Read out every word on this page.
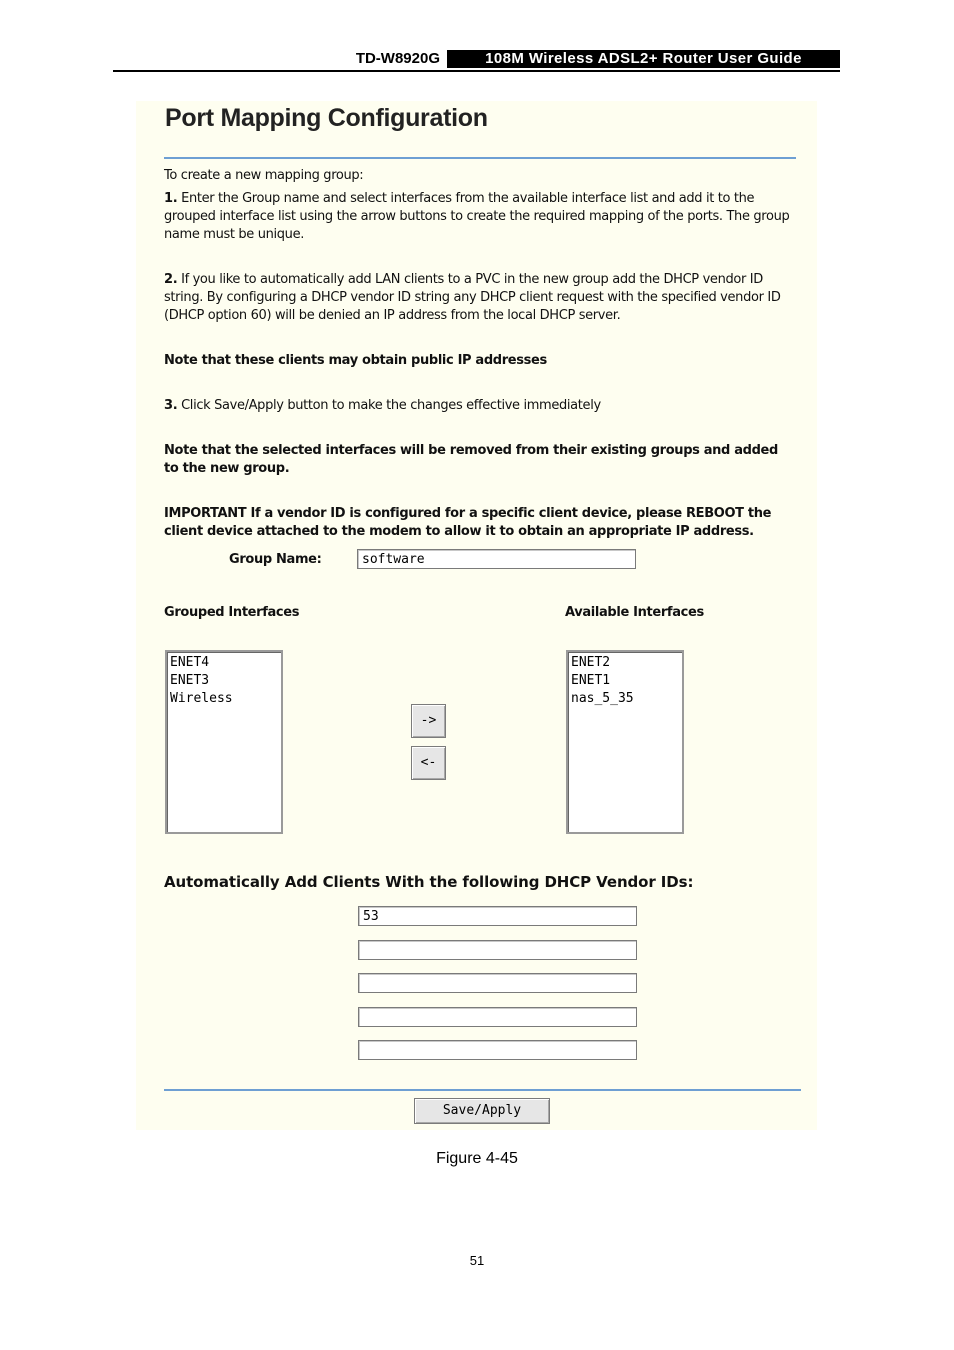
TD-W8920G	108M Wireless ADSL2+ Router User Guide
Port Mapping Configuration
To create a new mapping group:
1. Enter the Group name and select interfaces from the available interface list and add it to the grouped interface list using the arrow buttons to create the required mapping of the ports. The group name must be unique.
2. If you like to automatically add LAN clients to a PVC in the new group add the DHCP vendor ID string. By configuring a DHCP vendor ID string any DHCP client request with the specified vendor ID (DHCP option 60) will be denied an IP address from the local DHCP server.
Note that these clients may obtain public IP addresses
3. Click Save/Apply button to make the changes effective immediately
Note that the selected interfaces will be removed from their existing groups and added to the new group.
IMPORTANT If a vendor ID is configured for a specific client device, please REBOOT the client device attached to the modem to allow it to obtain an appropriate IP address.
Group Name:
software
Grouped Interfaces	Available Interfaces
ENET4
ENET3
Wireless
ENET2
ENET1
nas_5_35
->
<-
Automatically Add Clients With the following DHCP Vendor IDs:
53
Save/Apply
Figure 4-45
51
